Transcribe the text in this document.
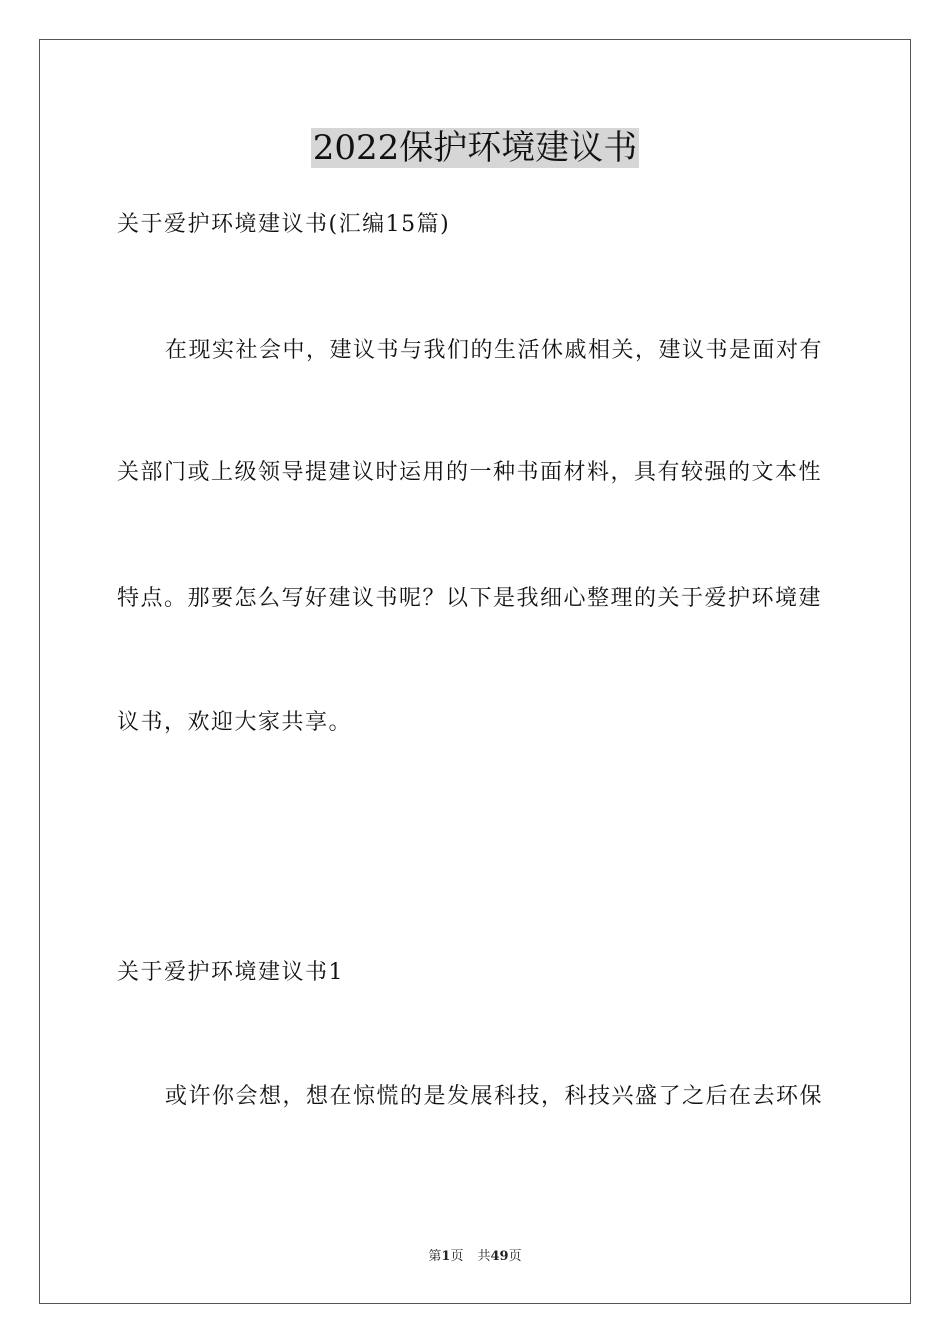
2022保护环境建议书
关于爱护环境建议书(汇编15篇)
在现实社会中，建议书与我们的生活休戚相关，建议书是面对有
关部门或上级领导提建议时运用的一种书面材料，具有较强的文本性
特点。那要怎么写好建议书呢？以下是我细心整理的关于爱护环境建
议书，欢迎大家共享。
关于爱护环境建议书1
或许你会想，想在惊慌的是发展科技，科技兴盛了之后在去环保
第1页 共49页
